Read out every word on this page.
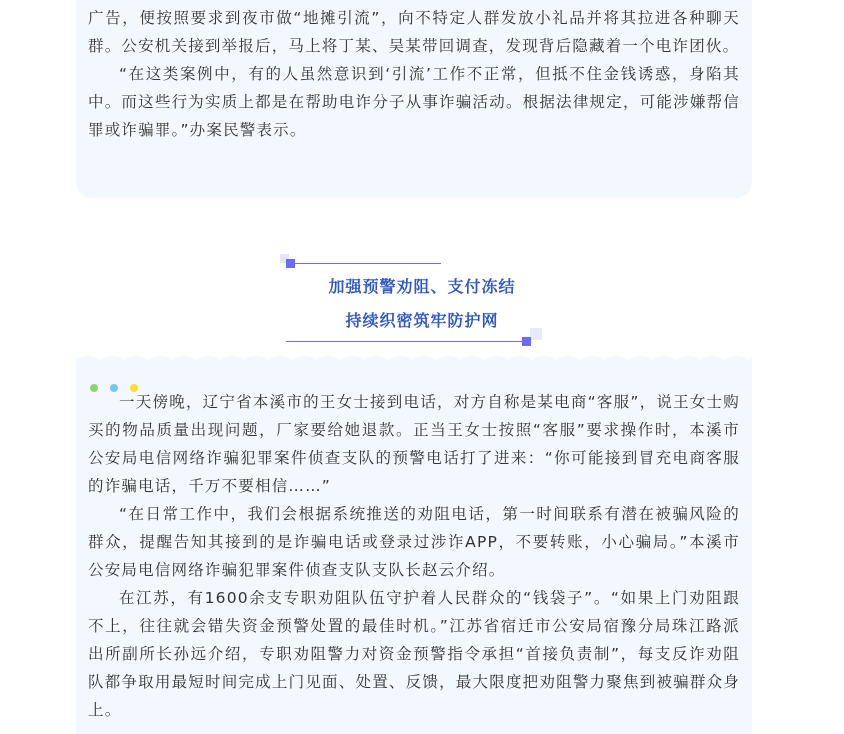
广告，便按照要求到夜市做“地摊引流”，向不特定人群发放小礼品并将其拉进各种聊天群。公安机关接到举报后，马上将丁某、吴某带回调查，发现背后隐藏着一个电诈团伙。

“在这类案例中，有的人虽然意识到‘引流’工作不正常，但抵不住金钱诱惑，身陷其中。而这些行为实质上都是在帮助电诈分子从事诈骗活动。根据法律规定，可能涉嫌帮信罪或诈骗罪。”办案民警表示。

加强预警劝阻、支付冻结
持续织密筑牢防护网

一天傍晚，辽宁省本溪市的王女士接到电话，对方自称是某电商“客服”，说王女士购买的物品质量出现问题，厂家要给她退款。正当王女士按照“客服”要求操作时，本溪市公安局电信网络诈骗犯罪案件侦查支队的预警电话打了进来：“你可能接到冒充电商客服的诈骗电话，千万不要相信……”

“在日常工作中，我们会根据系统推送的劝阻电话，第一时间联系有潜在被骗风险的群众，提醒告知其接到的是诈骗电话或登录过涉诈APP，不要转账，小心骗局。”本溪市公安局电信网络诈骗犯罪案件侦查支队支队长赵云介绍。

在江苏，有1600余支专职劝阻队伍守护着人民群众的“钱袋子”。“如果上门劝阻跟不上，往往就会错失资金预警处置的最佳时机。”江苏省宿迁市公安局宿豫分局珠江路派出所副所长孙远介绍，专职劝阻警力对资金预警指令承担“首接负责制”，每支反诈劝阻队都争取用最短时间完成上门见面、处置、反馈，最大限度把劝阻警力聚焦到被骗群众身上。
